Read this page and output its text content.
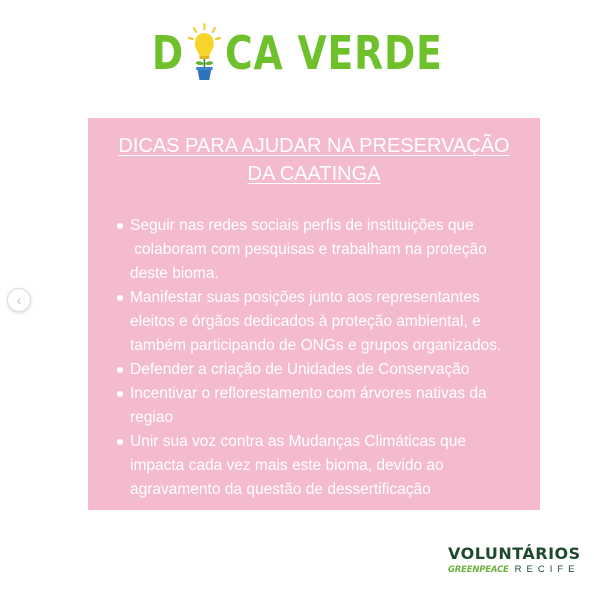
D CA VERDE
‹
DICAS PARA AJUDAR NA PRESERVAÇÃO
DA CAATINGA
Seguir nas redes sociais perfis de instituições que
colaboram com pesquisas e trabalham na proteção
deste bioma.
Manifestar suas posições junto aos representantes
eleitos e órgãos dedicados à proteção ambiental, e
também participando de ONGs e grupos organizados.
Defender a criação de Unidades de Conservação
Incentivar o reflorestamento com árvores nativas da
regiao
Unir sua voz contra as Mudanças Climáticas que
impacta cada vez mais este bioma, devido ao
agravamento da questão de dessertificação
VOLUNTÁRIOS
GREENPEACE RECIFE
